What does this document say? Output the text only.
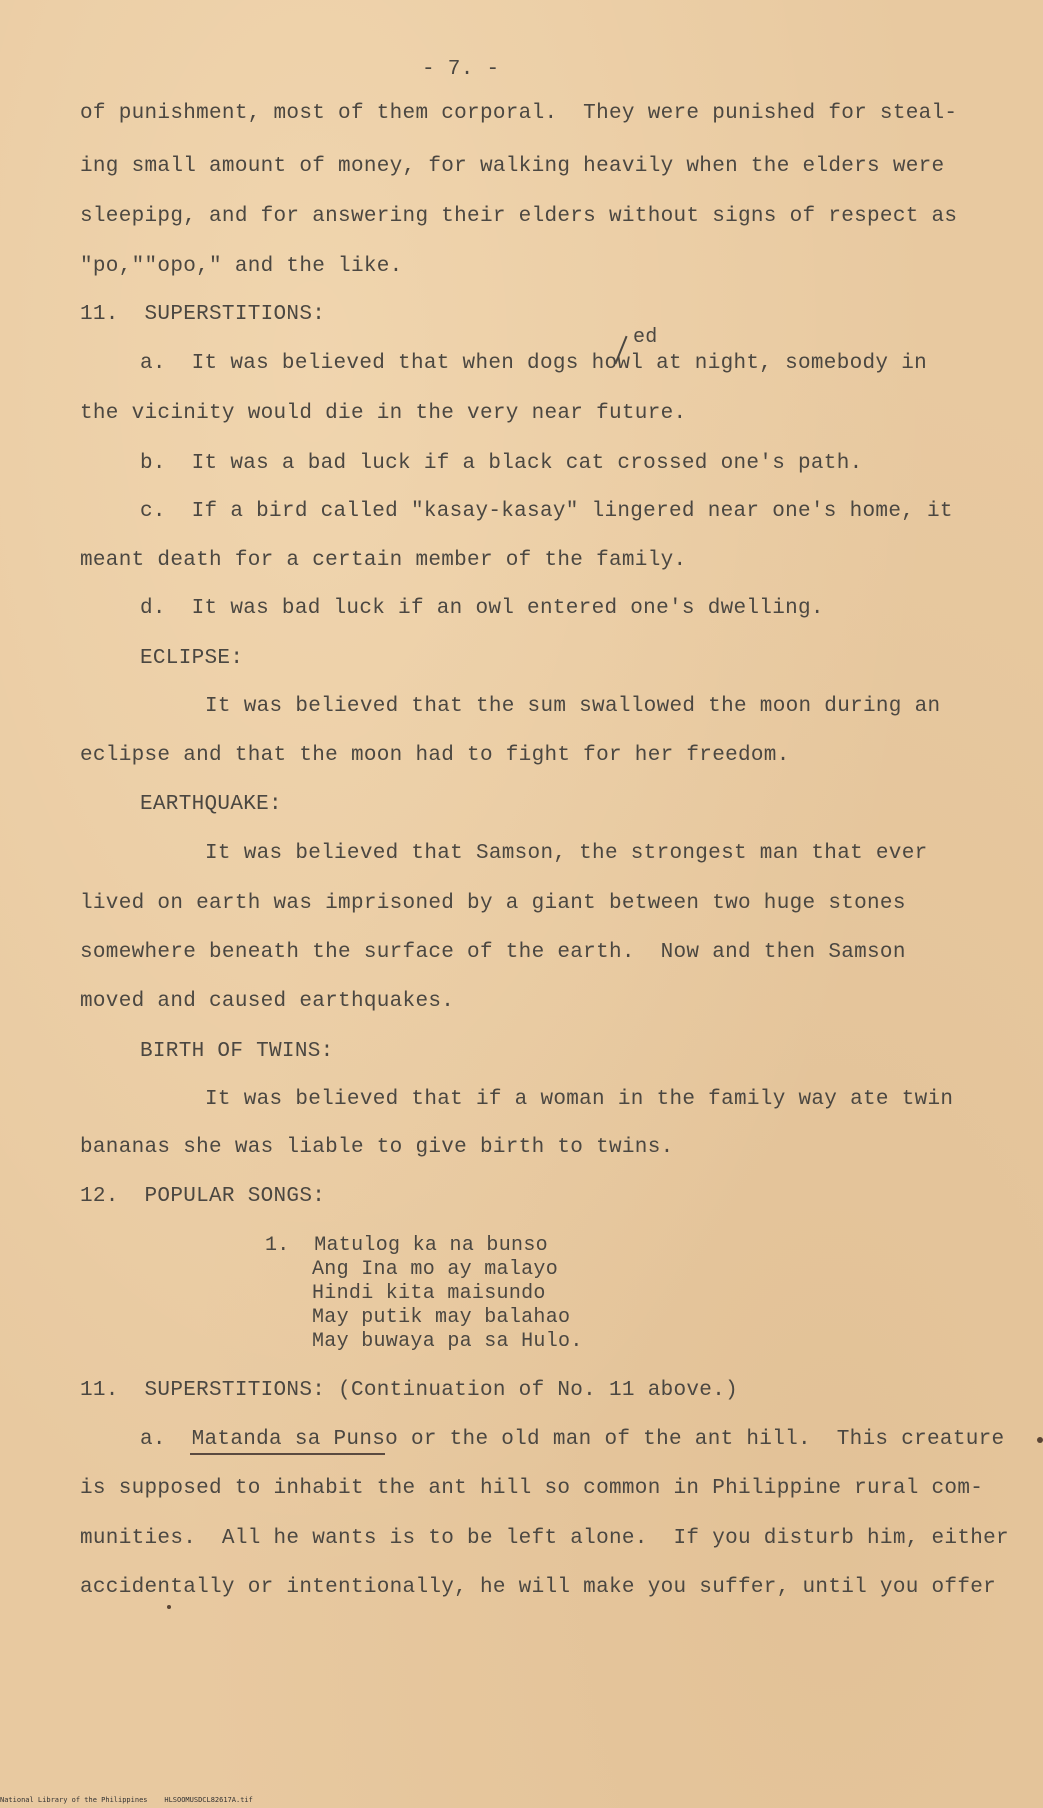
- 7. -
of punishment, most of them corporal.  They were punished for steal-
ing small amount of money, for walking heavily when the elders were
sleepipg, and for answering their elders without signs of respect as
"po,""opo," and the like.
11.  SUPERSTITIONS:
ed
a.  It was believed that when dogs howl at night, somebody in
the vicinity would die in the very near future.
b.  It was a bad luck if a black cat crossed one's path.
c.  If a bird called "kasay-kasay" lingered near one's home, it
meant death for a certain member of the family.
d.  It was bad luck if an owl entered one's dwelling.
ECLIPSE:
It was believed that the sum swallowed the moon during an
eclipse and that the moon had to fight for her freedom.
EARTHQUAKE:
It was believed that Samson, the strongest man that ever
lived on earth was imprisoned by a giant between two huge stones
somewhere beneath the surface of the earth.  Now and then Samson
moved and caused earthquakes.
BIRTH OF TWINS:
It was believed that if a woman in the family way ate twin
bananas she was liable to give birth to twins.
12.  POPULAR SONGS:
1.  Matulog ka na bunso
Ang Ina mo ay malayo
Hindi kita maisundo
May putik may balahao
May buwaya pa sa Hulo.
11.  SUPERSTITIONS: (Continuation of No. 11 above.)
a.  Matanda sa Punso or the old man of the ant hill.  This creature
is supposed to inhabit the ant hill so common in Philippine rural com-
munities.  All he wants is to be left alone.  If you disturb him, either
accidentally or intentionally, he will make you suffer, until you offer
National Library of the Philippines    HLSOOMUSDCL82617A.tif
